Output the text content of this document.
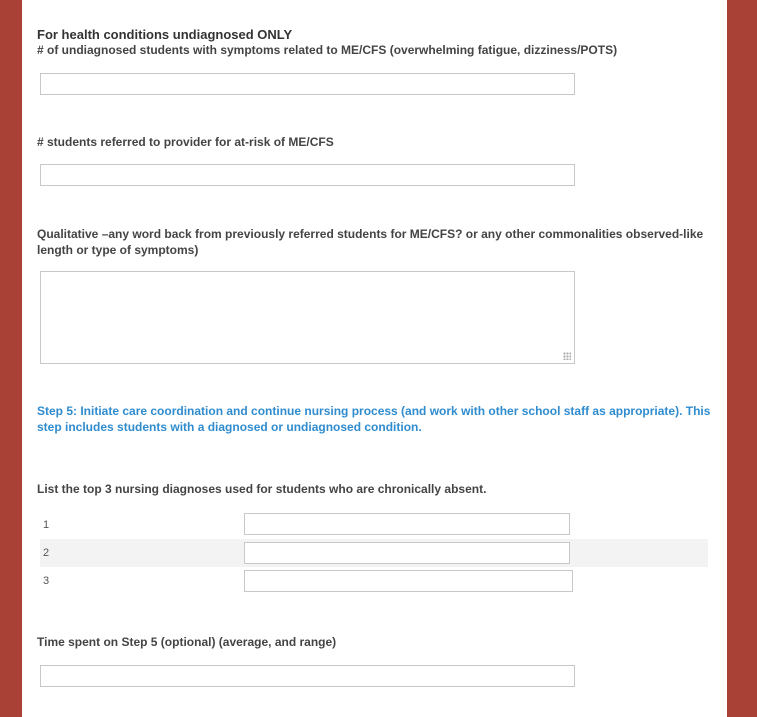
For health conditions undiagnosed ONLY
# of undiagnosed students with symptoms related to ME/CFS (overwhelming fatigue, dizziness/POTS)
# students referred to provider for at-risk of ME/CFS
Qualitative –any word back from previously referred students for ME/CFS? or any other commonalities observed-like
length or type of symptoms)
Step 5: Initiate care coordination and continue nursing process (and work with other school staff as appropriate). This
step includes students with a diagnosed or undiagnosed condition.
List the top 3 nursing diagnoses used for students who are chronically absent.
1
2
3
Time spent on Step 5 (optional) (average, and range)
